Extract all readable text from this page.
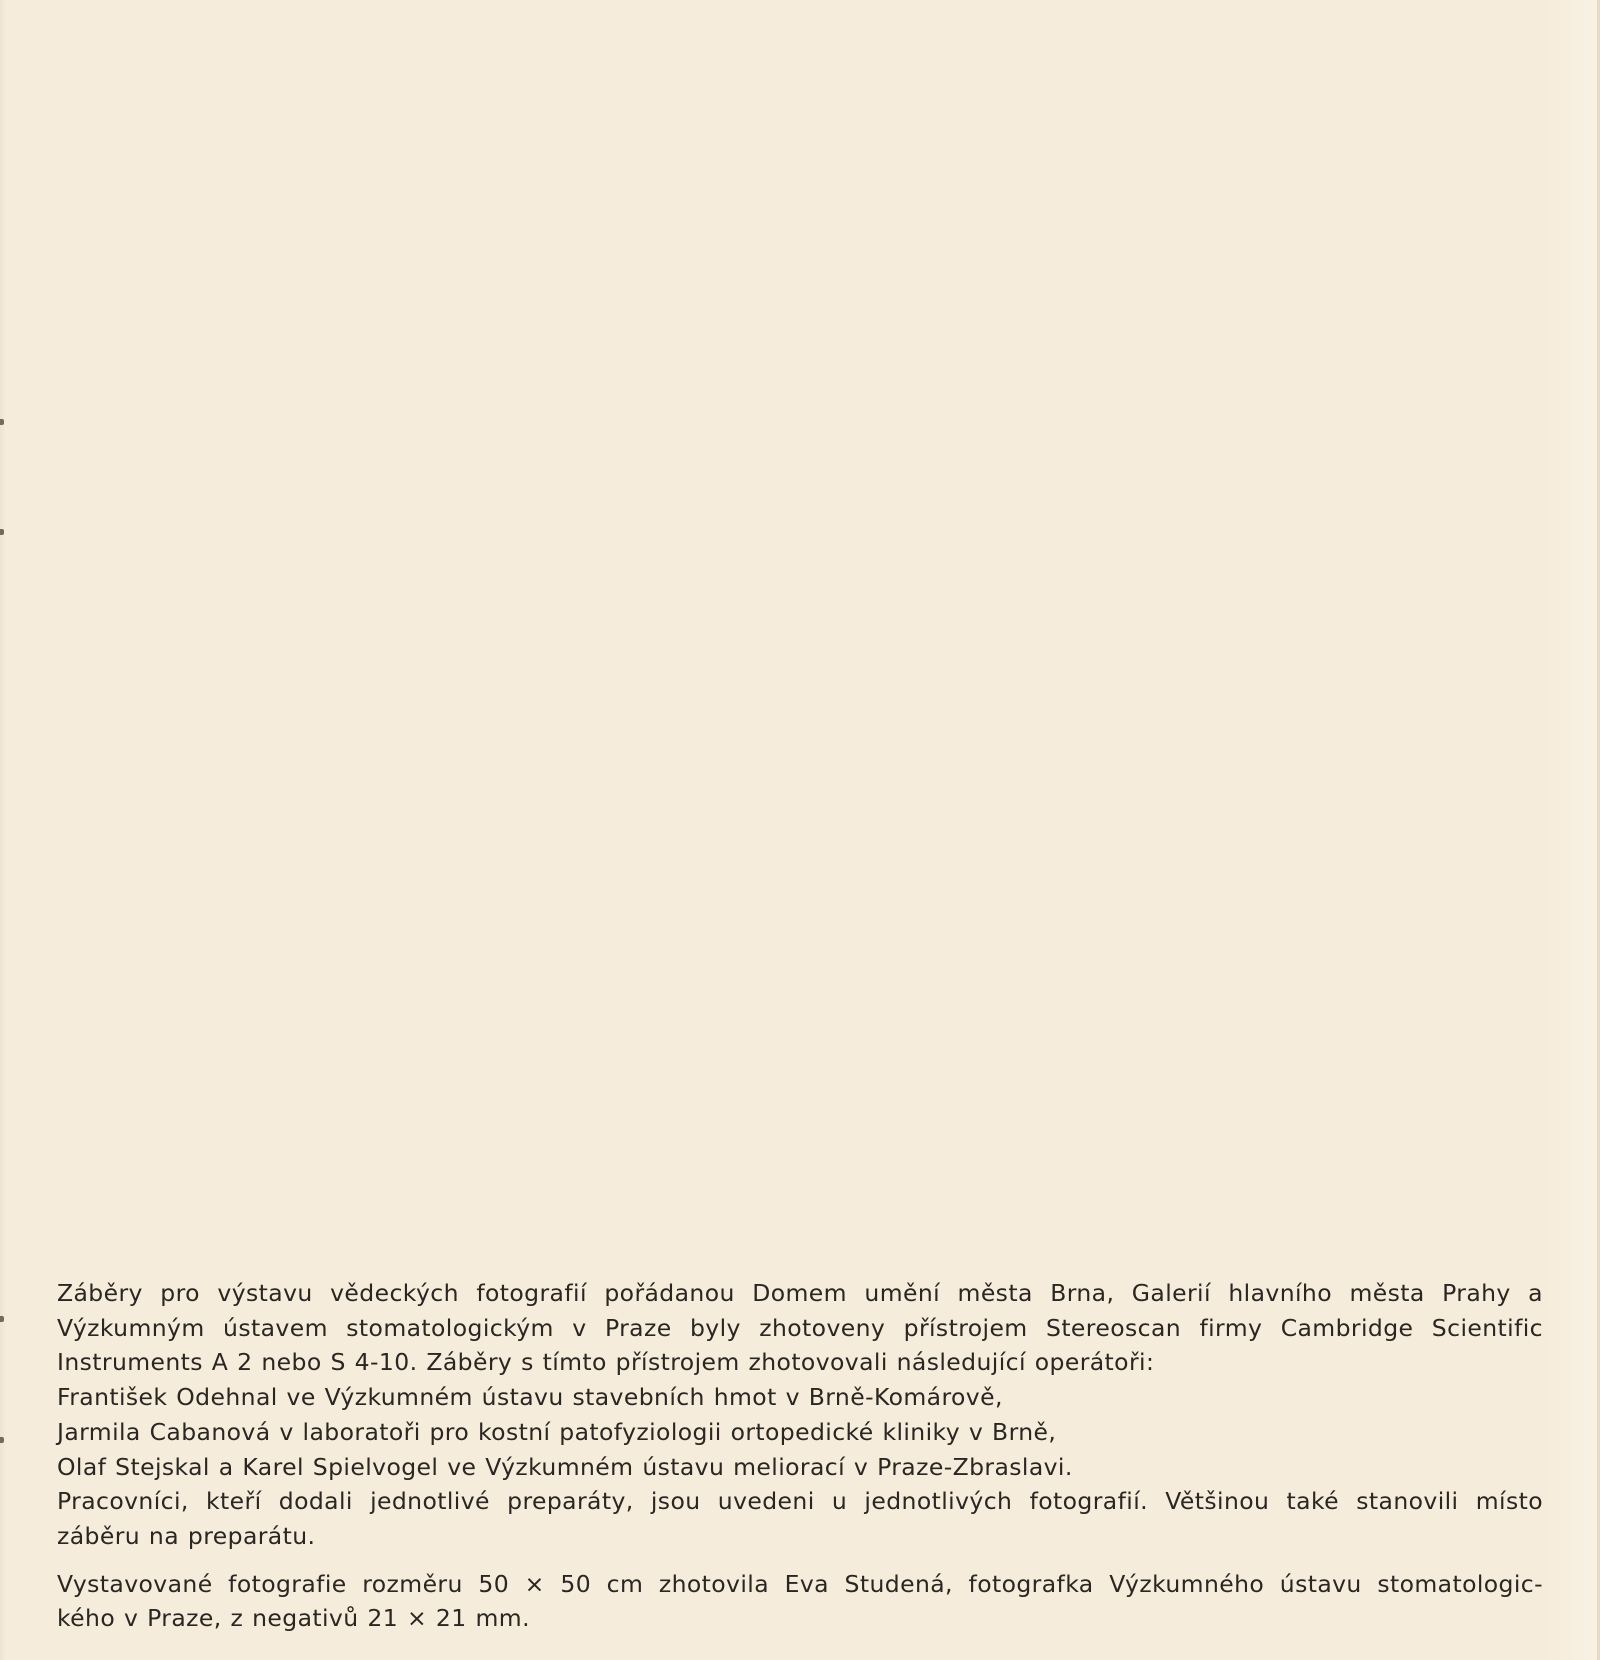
Záběry pro výstavu vědeckých fotografií pořádanou Domem umění města Brna, Galerií hlavního města Prahy a

Výzkumným ústavem stomatologickým v Praze byly zhotoveny přístrojem Stereoscan firmy Cambridge Scientific

Instruments A 2 nebo S 4-10. Záběry s tímto přístrojem zhotovovali následující operátoři:

František Odehnal ve Výzkumném ústavu stavebních hmot v Brně-Komárově,

Jarmila Cabanová v laboratoři pro kostní patofyziologii ortopedické kliniky v Brně,

Olaf Stejskal a Karel Spielvogel ve Výzkumném ústavu meliorací v Praze-Zbraslavi.

Pracovníci, kteří dodali jednotlivé preparáty, jsou uvedeni u jednotlivých fotografií. Většinou také stanovili místo

záběru na preparátu.

Vystavované fotografie rozměru 50 × 50 cm zhotovila Eva Studená, fotografka Výzkumného ústavu stomatologic-

kého v Praze, z negativů 21 × 21 mm.
